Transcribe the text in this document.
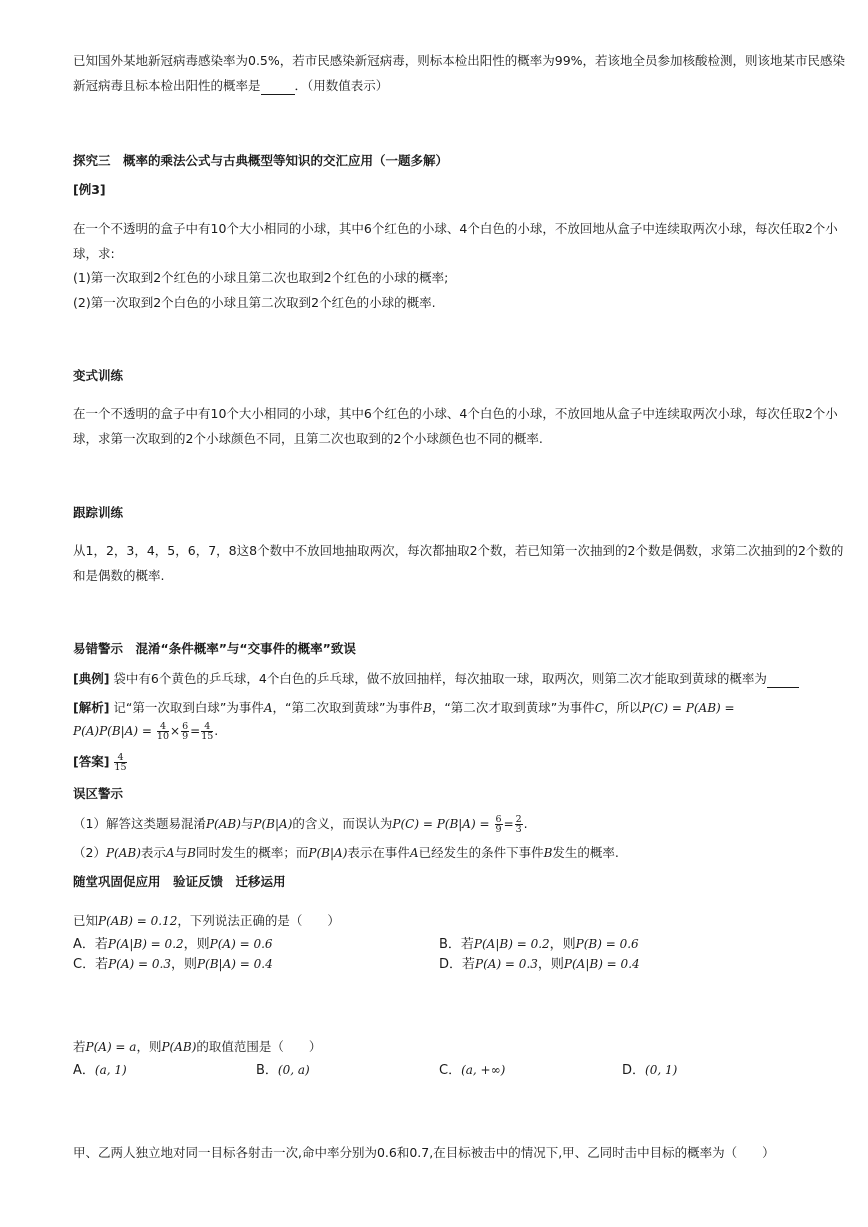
已知国外某地新冠病毒感染率为0.5%，若市民感染新冠病毒，则标本检出阳性的概率为99%，若该地全员参加核酸检测，则该地某市民感染
新冠病毒且标本检出阳性的概率是	．（用数值表示）
探究三　概率的乘法公式与古典概型等知识的交汇应用（一题多解）
[例3]
在一个不透明的盒子中有10个大小相同的小球，其中6个红色的小球、4个白色的小球，不放回地从盒子中连续取两次小球，每次任取2个小
球，求:
(1)第一次取到2个红色的小球且第二次也取到2个红色的小球的概率;
(2)第一次取到2个白色的小球且第二次取到2个红色的小球的概率.
变式训练
在一个不透明的盒子中有10个大小相同的小球，其中6个红色的小球、4个白色的小球，不放回地从盒子中连续取两次小球，每次任取2个小
球，求第一次取到的2个小球颜色不同，且第二次也取到的2个小球颜色也不同的概率.
跟踪训练
从1，2，3，4，5，6，7，8这8个数中不放回地抽取两次，每次都抽取2个数，若已知第一次抽到的2个数是偶数，求第二次抽到的2个数的
和是偶数的概率.
易错警示　混淆“条件概率”与“交事件的概率”致误
[典例] 袋中有6个黄色的乒乓球，4个白色的乒乓球，做不放回抽样，每次抽取一球，取两次，则第二次才能取到黄球的概率为
[解析] 记“第一次取到白球”为事件A，“第二次取到黄球”为事件B，“第二次才取到黄球”为事件C，所以P(C) = P(AB) =
$P(A)P(B|A) = \frac{4}{10} \times \frac{6}{9} = \frac{4}{15}$ .
[答案] $\frac{4}{15}$
误区警示
（1）解答这类题易混淆P(AB)与P(B|A)的含义，而误认为$P(C) = P(B|A) = \frac{6}{9} = \frac{2}{3}$ .
（2）P(AB)表示A与B同时发生的概率；而P(B|A)表示在事件A已经发生的条件下事件B发生的概率.
随堂巩固促应用　验证反馈　迁移运用
已知P(AB) = 0.12，下列说法正确的是（　　）
A．若P(A|B) = 0.2，则P(A) = 0.6	B．若P(A|B) = 0.2，则P(B) = 0.6
C．若P(A) = 0.3，则P(B|A) = 0.4	D．若P(A) = 0.3，则P(A|B) = 0.4
若P(A) = a，则P(AB)的取值范围是（　　）
A．(a, 1)	B．(0, a)	C．(a, +∞)	D．(0, 1)
甲、乙两人独立地对同一目标各射击一次,命中率分别为0.6和0.7,在目标被击中的情况下,甲、乙同时击中目标的概率为（　　）
